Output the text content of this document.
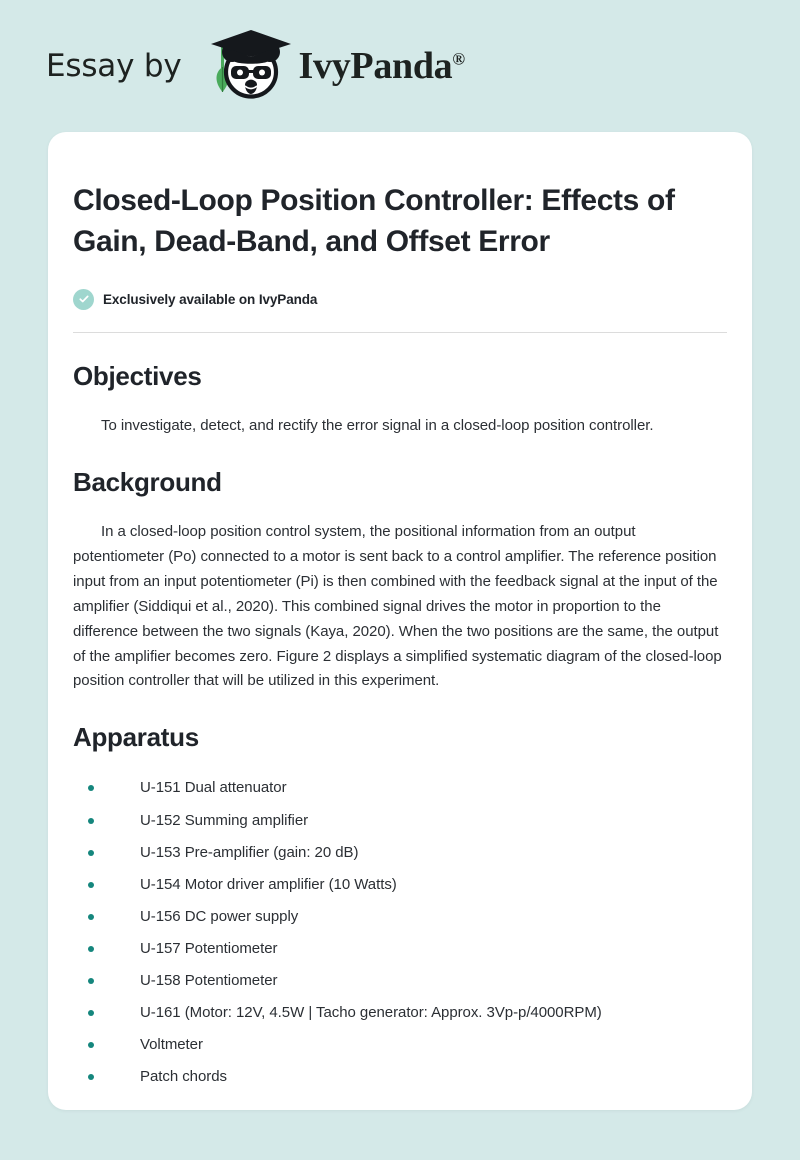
Essay by	IvyPanda®
Closed-Loop Position Controller: Effects of Gain, Dead-Band, and Offset Error
Exclusively available on IvyPanda
Objectives

To investigate, detect, and rectify the error signal in a closed-loop position controller.

Background

In a closed-loop position control system, the positional information from an output potentiometer (Po) connected to a motor is sent back to a control amplifier. The reference position input from an input potentiometer (Pi) is then combined with the feedback signal at the input of the amplifier (Siddiqui et al., 2020). This combined signal drives the motor in proportion to the difference between the two signals (Kaya, 2020). When the two positions are the same, the output of the amplifier becomes zero. Figure 2 displays a simplified systematic diagram of the closed-loop position controller that will be utilized in this experiment.

Apparatus
U-151 Dual attenuator
U-152 Summing amplifier
U-153 Pre-amplifier (gain: 20 dB)
U-154 Motor driver amplifier (10 Watts)
U-156 DC power supply
U-157 Potentiometer
U-158 Potentiometer
U-161 (Motor: 12V, 4.5W | Tacho generator: Approx. 3Vp-p/4000RPM)
Voltmeter
Patch chords
